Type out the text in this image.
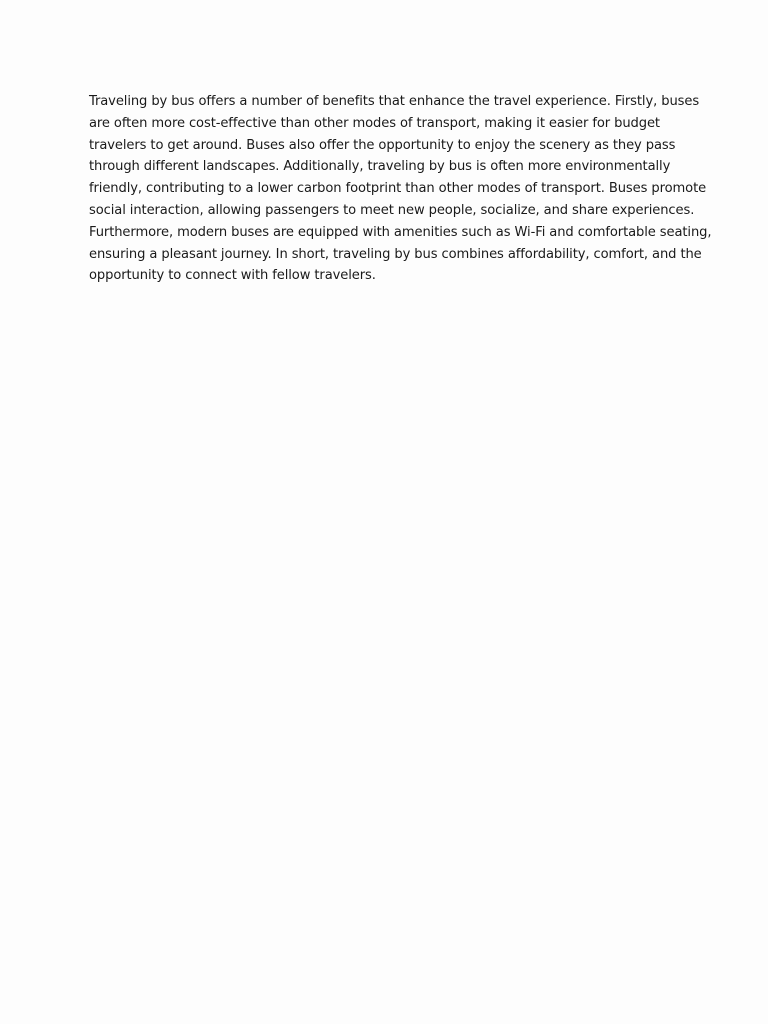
Traveling by bus offers a number of benefits that enhance the travel experience. Firstly, buses are often more cost-effective than other modes of transport, making it easier for budget travelers to get around. Buses also offer the opportunity to enjoy the scenery as they pass through different landscapes. Additionally, traveling by bus is often more environmentally friendly, contributing to a lower carbon footprint than other modes of transport. Buses promote social interaction, allowing passengers to meet new people, socialize, and share experiences. Furthermore, modern buses are equipped with amenities such as Wi-Fi and comfortable seating, ensuring a pleasant journey. In short, traveling by bus combines affordability, comfort, and the opportunity to connect with fellow travelers.
